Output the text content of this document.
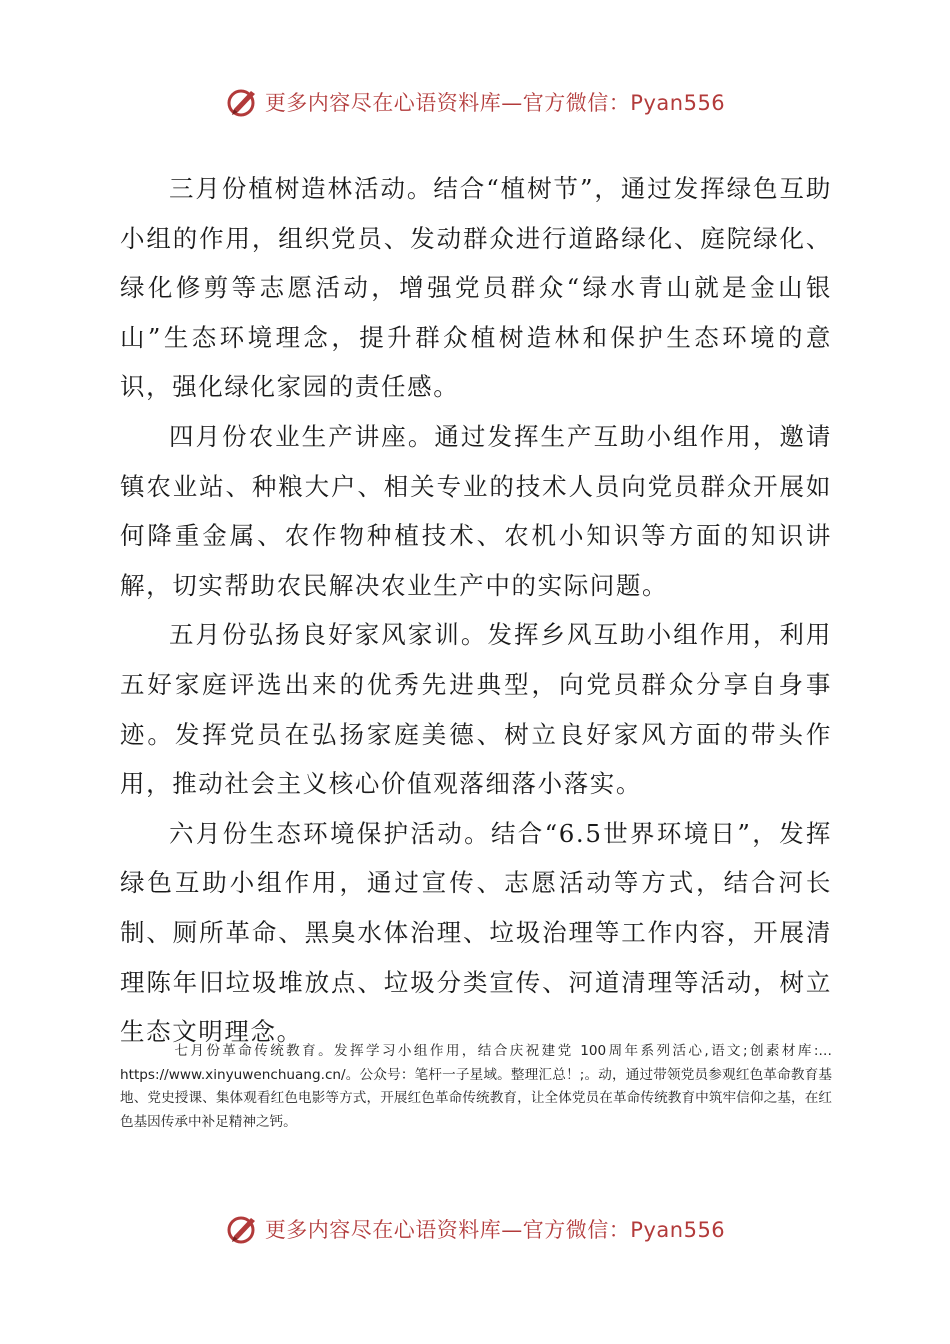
更多内容尽在心语资料库—官方微信：Pyan556

三月份植树造林活动。结合“植树节”，通过发挥绿色互助小组的作用，组织党员、发动群众进行道路绿化、庭院绿化、绿化修剪等志愿活动，增强党员群众“绿水青山就是金山银山”生态环境理念，提升群众植树造林和保护生态环境的意识，强化绿化家园的责任感。

四月份农业生产讲座。通过发挥生产互助小组作用，邀请镇农业站、种粮大户、相关专业的技术人员向党员群众开展如何降重金属、农作物种植技术、农机小知识等方面的知识讲解，切实帮助农民解决农业生产中的实际问题。

五月份弘扬良好家风家训。发挥乡风互助小组作用，利用五好家庭评选出来的优秀先进典型，向党员群众分享自身事迹。发挥党员在弘扬家庭美德、树立良好家风方面的带头作用，推动社会主义核心价值观落细落小落实。

六月份生态环境保护活动。结合“6.5世界环境日”，发挥绿色互助小组作用，通过宣传、志愿活动等方式，结合河长制、厕所革命、黑臭水体治理、垃圾治理等工作内容，开展清理陈年旧垃圾堆放点、垃圾分类宣传、河道清理等活动，树立生态文明理念。

七月份革命传统教育。发挥学习小组作用，结合庆祝建党 100周年系列活心,语文;创素材库:…https://www.xinyuwenchuang.cn/。公众号：笔杆一子星域。整理汇总！;。动，通过带领党员参观红色革命教育基地、党史授课、集体观看红色电影等方式，开展红色革命传统教育，让全体党员在革命传统教育中筑牢信仰之基，在红色基因传承中补足精神之钙。

更多内容尽在心语资料库—官方微信：Pyan556
